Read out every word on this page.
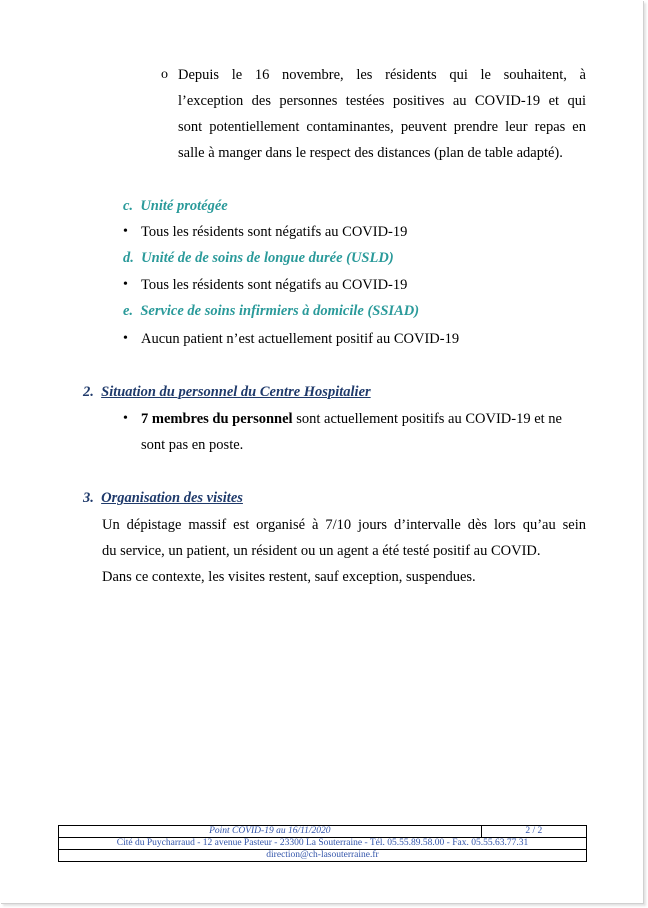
o Depuis le 16 novembre, les résidents qui le souhaitent, à
l’exception des personnes testées positives au COVID-19 et qui
sont potentiellement contaminantes, peuvent prendre leur repas en
salle à manger dans le respect des distances (plan de table adapté).
c. Unité protégée
• Tous les résidents sont négatifs au COVID-19
d. Unité de de soins de longue durée (USLD)
• Tous les résidents sont négatifs au COVID-19
e. Service de soins infirmiers à domicile (SSIAD)
• Aucun patient n’est actuellement positif au COVID-19
2. Situation du personnel du Centre Hospitalier
• 7 membres du personnel sont actuellement positifs au COVID-19 et ne
sont pas en poste.
3. Organisation des visites
Un dépistage massif est organisé à 7/10 jours d’intervalle dès lors qu’au sein
du service, un patient, un résident ou un agent a été testé positif au COVID.
Dans ce contexte, les visites restent, sauf exception, suspendues.
Point COVID-19 au 16/11/2020	2 / 2
Cité du Puycharraud - 12 avenue Pasteur - 23300 La Souterraine - Tél. 05.55.89.58.00 - Fax. 05.55.63.77.31
direction@ch-lasouterraine.fr
